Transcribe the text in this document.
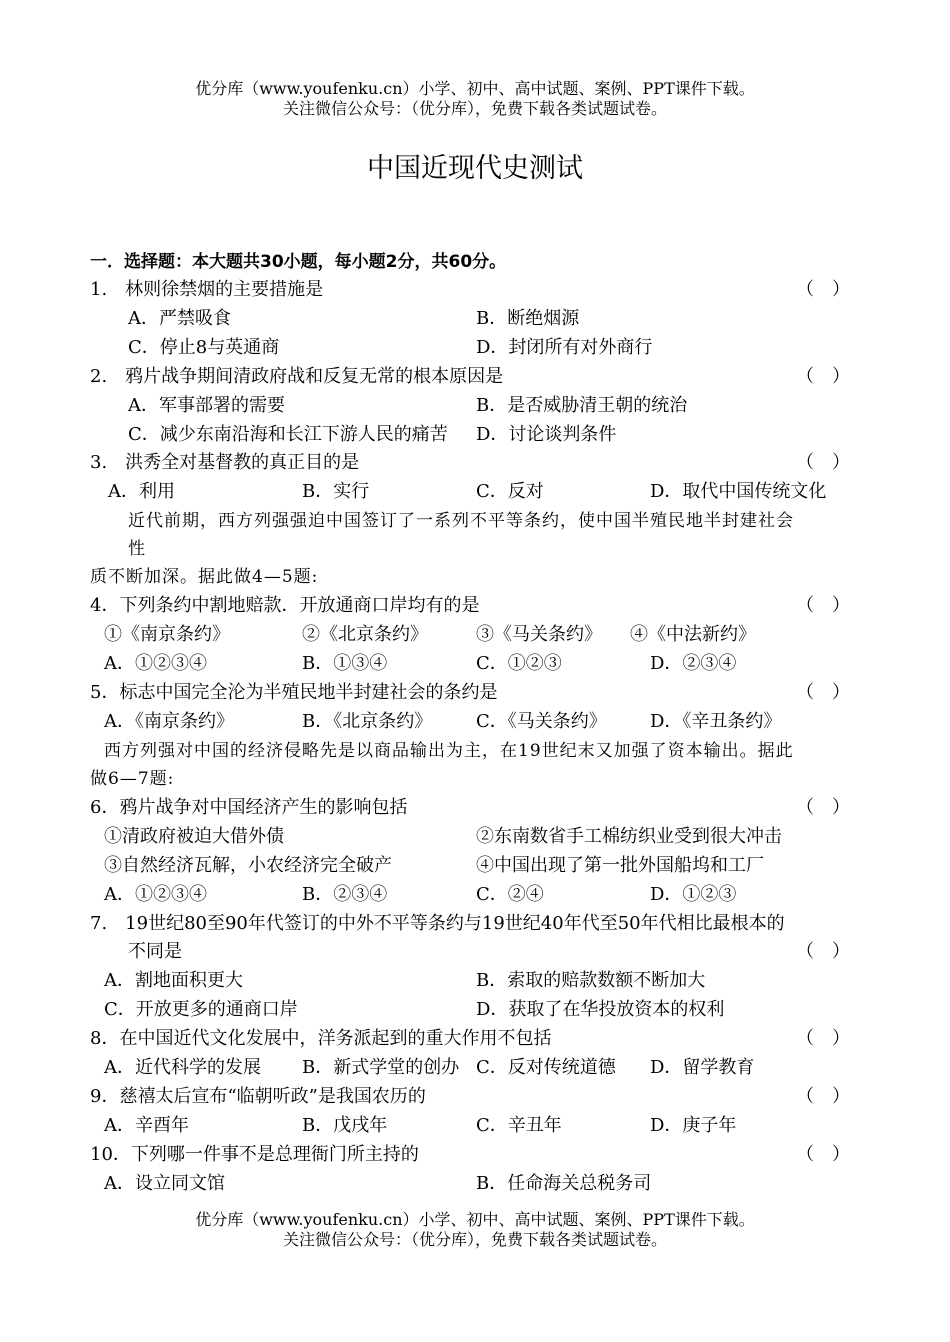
优分库（www.youfenku.cn）小学、初中、高中试题、案例、PPT课件下载。
关注微信公众号：（优分库），免费下载各类试题试卷。
中国近现代史测试
一．选择题：本大题共30小题，每小题2分，共60分。
1.　林则徐禁烟的主要措施是	（　）
A．严禁吸食	B．断绝烟源
C．停止8与英通商	D．封闭所有对外商行
2.　鸦片战争期间清政府战和反复无常的根本原因是	（　）
A．军事部署的需要	B．是否威胁清王朝的统治
C．减少东南沿海和长江下游人民的痛苦 D．讨论谈判条件
3.　洪秀全对基督教的真正目的是	（　）
A．利用	B．实行	C．反对	D．取代中国传统文化
近代前期，西方列强强迫中国签订了一系列不平等条约，使中国半殖民地半封建社会
性
质不断加深。据此做4—5题:
4．下列条约中割地赔款．开放通商口岸均有的是	（　）
①《南京条约》	②《北京条约》	③《马关条约》 ④《中法新约》
A．①②③④	B．①③④	C．①②③	D．②③④
5．标志中国完全沦为半殖民地半封建社会的条约是	（　）
A．《南京条约》	B．《北京条约》 C．《马关条约》 D．《辛丑条约》
西方列强对中国的经济侵略先是以商品输出为主，在19世纪末又加强了资本输出。据此
做6—7题:
6．鸦片战争对中国经济产生的影响包括	（　）
①清政府被迫大借外债	②东南数省手工棉纺织业受到很大冲击
③自然经济瓦解，小农经济完全破产	④中国出现了第一批外国船坞和工厂
A．①②③④	B．②③④	C．②④	D．①②③
7.　19世纪80至90年代签订的中外不平等条约与19世纪40年代至50年代相比最根本的
不同是	（　）
A．割地面积更大	B．索取的赔款数额不断加大
C．开放更多的通商口岸	D．获取了在华投放资本的权利
8．在中国近代文化发展中，洋务派起到的重大作用不包括	（　）
A．近代科学的发展 B．新式学堂的创办 C．反对传统道德 D．留学教育
9．慈禧太后宣布“临朝听政”是我国农历的	（　）
A．辛酉年	B．戊戌年	C．辛丑年	D．庚子年
10．下列哪一件事不是总理衙门所主持的	（　）
A．设立同文馆	B．任命海关总税务司
优分库（www.youfenku.cn）小学、初中、高中试题、案例、PPT课件下载。
关注微信公众号：（优分库），免费下载各类试题试卷。
